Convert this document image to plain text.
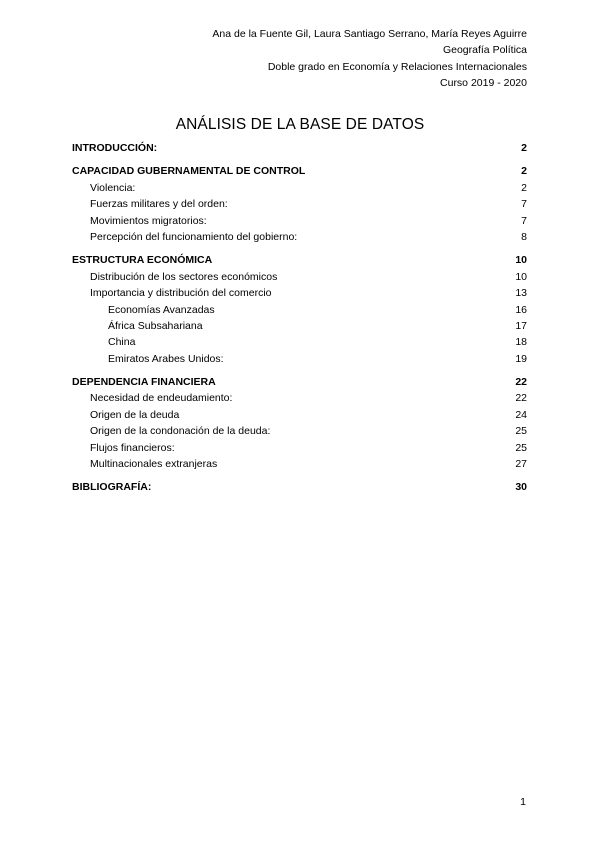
Ana de la Fuente Gil, Laura Santiago Serrano, María Reyes Aguirre
Geografía Política
Doble grado en Economía y Relaciones Internacionales
Curso 2019 - 2020
ANÁLISIS DE LA BASE DE DATOS
INTRODUCCIÓN:	2
CAPACIDAD GUBERNAMENTAL DE CONTROL	2
Violencia:	2
Fuerzas militares y del orden:	7
Movimientos migratorios:	7
Percepción del funcionamiento del gobierno:	8
ESTRUCTURA ECONÓMICA	10
Distribución de los sectores económicos	10
Importancia y distribución del comercio	13
Economías Avanzadas	16
África Subsahariana	17
China	18
Emiratos Arabes Unidos:	19
DEPENDENCIA FINANCIERA	22
Necesidad de endeudamiento:	22
Origen de la deuda	24
Origen de la condonación de la deuda:	25
Flujos financieros:	25
Multinacionales extranjeras	27
BIBLIOGRAFÍA:	30
1
